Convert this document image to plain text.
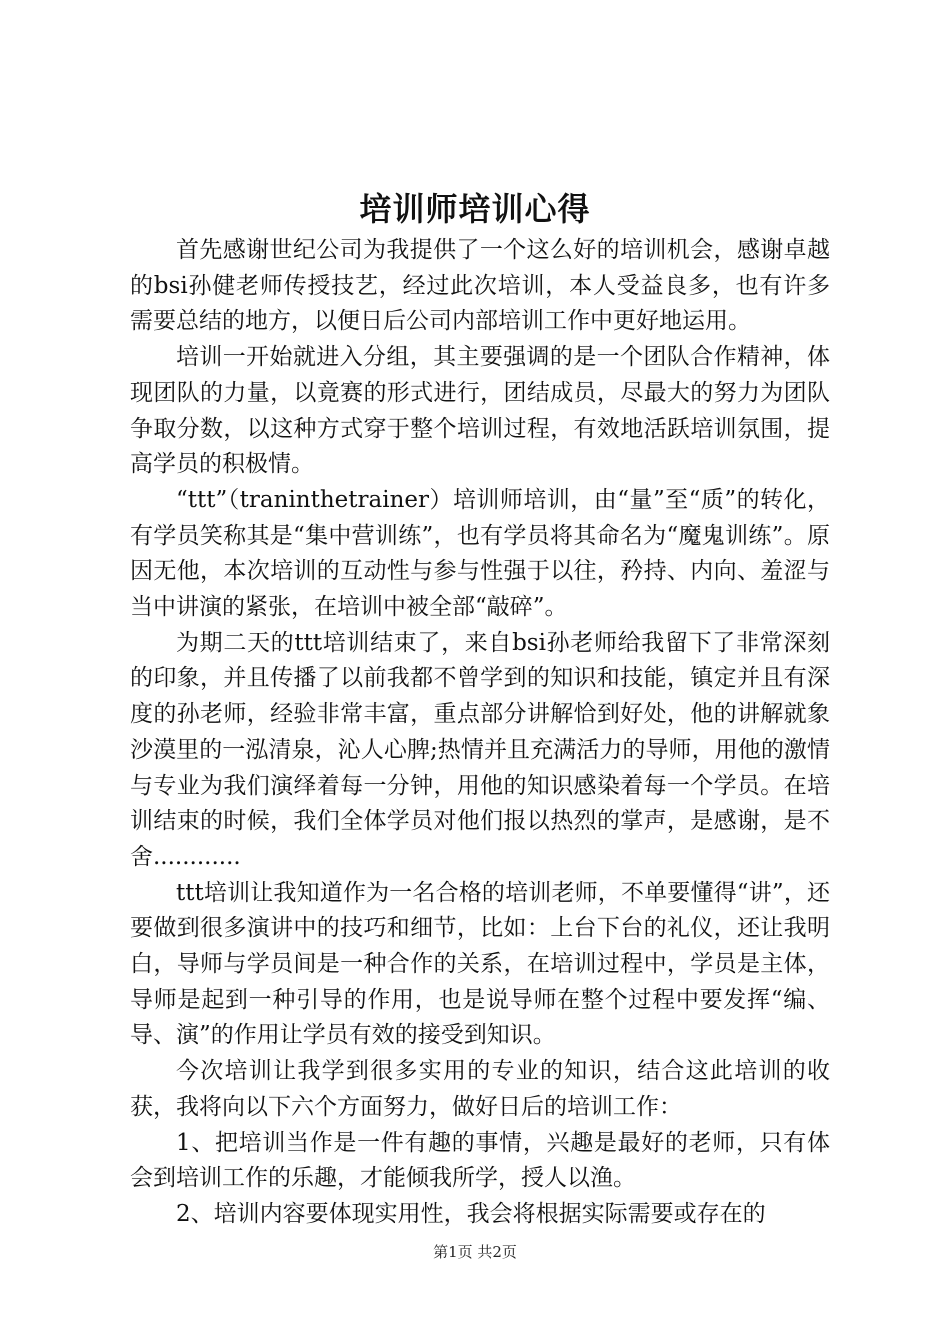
培训师培训心得

首先感谢世纪公司为我提供了一个这么好的培训机会，感谢卓越的bsi孙健老师传授技艺，经过此次培训，本人受益良多，也有许多需要总结的地方，以便日后公司内部培训工作中更好地运用。

培训一开始就进入分组，其主要强调的是一个团队合作精神，体现团队的力量，以竟赛的形式进行，团结成员，尽最大的努力为团队争取分数，以这种方式穿于整个培训过程，有效地活跃培训氛围，提高学员的积极情。

“ttt”（traninthetrainer）培训师培训，由“量”至“质”的转化，有学员笑称其是“集中营训练”，也有学员将其命名为“魔鬼训练”。原因无他，本次培训的互动性与参与性强于以往，矜持、内向、羞涩与当中讲演的紧张，在培训中被全部“敲碎”。

为期二天的ttt培训结束了，来自bsi孙老师给我留下了非常深刻的印象，并且传播了以前我都不曾学到的知识和技能，镇定并且有深度的孙老师，经验非常丰富，重点部分讲解恰到好处，他的讲解就象沙漠里的一泓清泉，沁人心脾;热情并且充满活力的导师，用他的激情与专业为我们演绎着每一分钟，用他的知识感染着每一个学员。在培训结束的时候，我们全体学员对他们报以热烈的掌声，是感谢，是不舍............

ttt培训让我知道作为一名合格的培训老师，不单要懂得“讲”，还要做到很多演讲中的技巧和细节，比如：上台下台的礼仪，还让我明白，导师与学员间是一种合作的关系，在培训过程中，学员是主体，导师是起到一种引导的作用，也是说导师在整个过程中要发挥“编、导、演”的作用让学员有效的接受到知识。

今次培训让我学到很多实用的专业的知识，结合这此培训的收获，我将向以下六个方面努力，做好日后的培训工作：

1、把培训当作是一件有趣的事情，兴趣是最好的老师，只有体会到培训工作的乐趣，才能倾我所学，授人以渔。

2、培训内容要体现实用性，我会将根据实际需要或存在的

第1页 共2页
